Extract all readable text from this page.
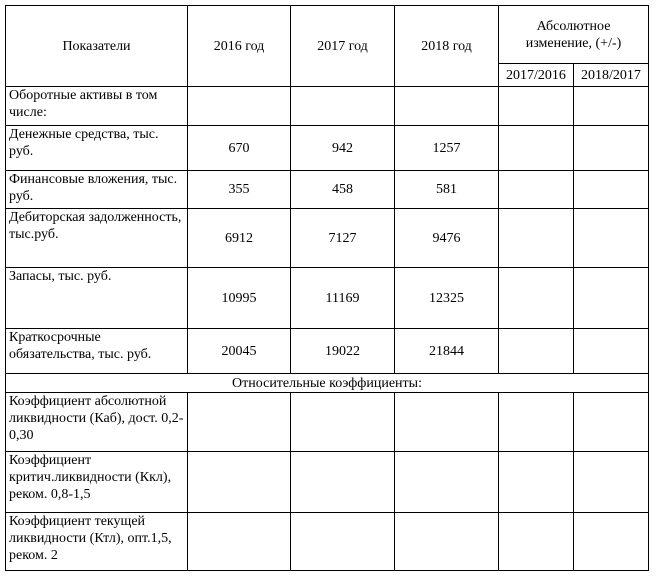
Показатели	2016 год	2017 год	2018 год	Абсолютное изменение, (+/-)	
				2017/2016	2018/2017
Оборотные активы в том числе:					
Денежные средства, тыс. руб.	670	942	1257		
Финансовые вложения, тыс. руб.	355	458	581		
Дебиторская задолженность, тыс.руб.	6912	7127	9476		
Запасы, тыс. руб.	10995	11169	12325		
Краткосрочные обязательства, тыс. руб.	20045	19022	21844		
Относительные коэффициенты:					
Коэффициент абсолютной ликвидности (Каб), дост. 0,2-0,30					
Коэффициент критич.ликвидности (Ккл), реком. 0,8-1,5					
Коэффициент текущей ликвидности (Ктл), опт.1,5, реком. 2					
